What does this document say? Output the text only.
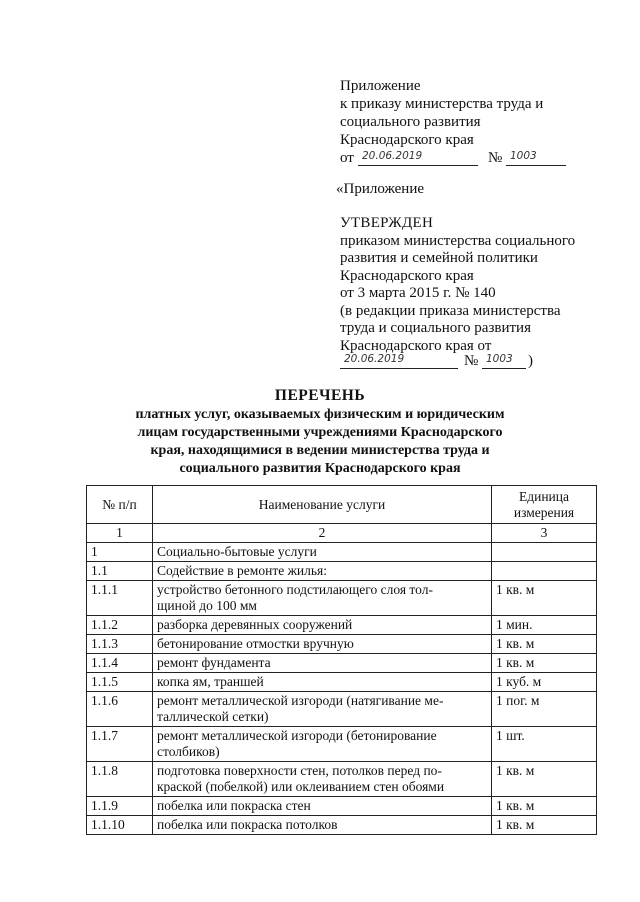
Приложение
к приказу министерства труда и
социального развития
Краснодарского края
от 20.06.2019	№ 1003
«Приложение
УТВЕРЖДЕН
приказом министерства социального
развития и семейной политики
Краснодарского края
от 3 марта 2015 г. № 140
(в редакции приказа министерства
труда и социального развития
Краснодарского края от
20.06.2019	№ 1003	)
ПЕРЕЧЕНЬ
платных услуг, оказываемых физическим и юридическим
лицам государственными учреждениями Краснодарского
края, находящимися в ведении министерства труда и
социального развития Краснодарского края
№ п/п	Наименование услуги	Единица
измерения
1	2	3
1	Социально-бытовые услуги	

1.1	Содействие в ремонте жилья:	

1.1.1	устройство бетонного подстилающего слоя тол-
щиной до 100 мм	1 кв. м
1.1.2	разборка деревянных сооружений	1 мин.
1.1.3	бетонирование отмостки вручную	1 кв. м
1.1.4	ремонт фундамента	1 кв. м
1.1.5	копка ям, траншей	1 куб. м
1.1.6	ремонт металлической изгороди (натягивание ме-
таллической сетки)	1 пог. м
1.1.7	ремонт металлической изгороди (бетонирование
столбиков)	1 шт.
1.1.8	подготовка поверхности стен, потолков перед по-
краской (побелкой) или оклеиванием стен обоями	1 кв. м
1.1.9	побелка или покраска стен	1 кв. м
1.1.10	побелка или покраска потолков	1 кв. м
